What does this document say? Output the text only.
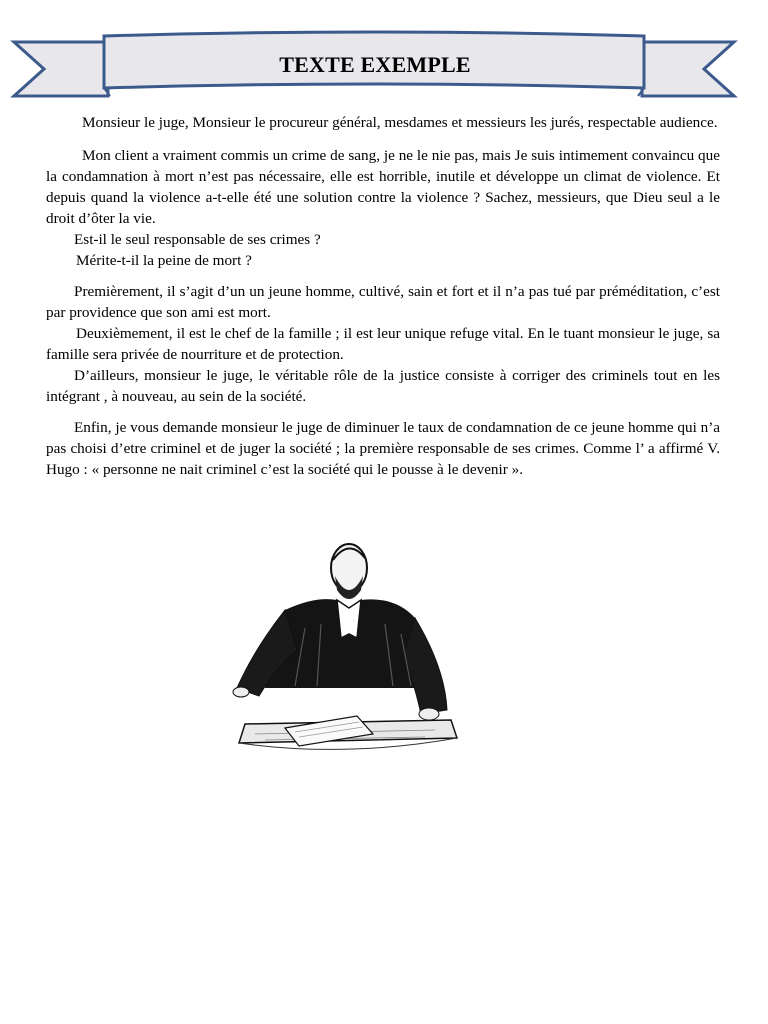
TEXTE EXEMPLE

Monsieur le juge, Monsieur le procureur général, mesdames et messieurs les jurés, respectable audience.

Mon client a vraiment commis un crime de sang, je ne le nie pas, mais Je suis intimement convaincu que la condamnation à mort n’est pas nécessaire, elle est horrible, inutile et développe un climat de violence. Et depuis quand la violence a-t-elle été une solution contre la violence ? Sachez, messieurs, que Dieu seul a le droit d’ôter la vie.

Est-il le seul responsable de ses crimes ?

Mérite-t-il la peine de mort ?

Premièrement, il s’agit d’un un jeune homme, cultivé, sain et fort et il n’a pas tué par préméditation, c’est par providence que son ami est mort.

Deuxièmement, il est le chef de la famille ; il est leur unique refuge vital. En le tuant monsieur le juge, sa famille sera privée de nourriture et de protection.

D’ailleurs, monsieur le juge, le véritable rôle de la justice consiste à corriger des criminels tout en les intégrant , à nouveau, au sein de la société.

Enfin, je vous demande monsieur le juge de diminuer le taux de condamnation de ce jeune homme qui n’a pas choisi d’etre criminel et de juger la société ; la première responsable de ses crimes. Comme l’ a affirmé V. Hugo : « personne ne nait criminel c’est la société qui le pousse à le devenir ».
